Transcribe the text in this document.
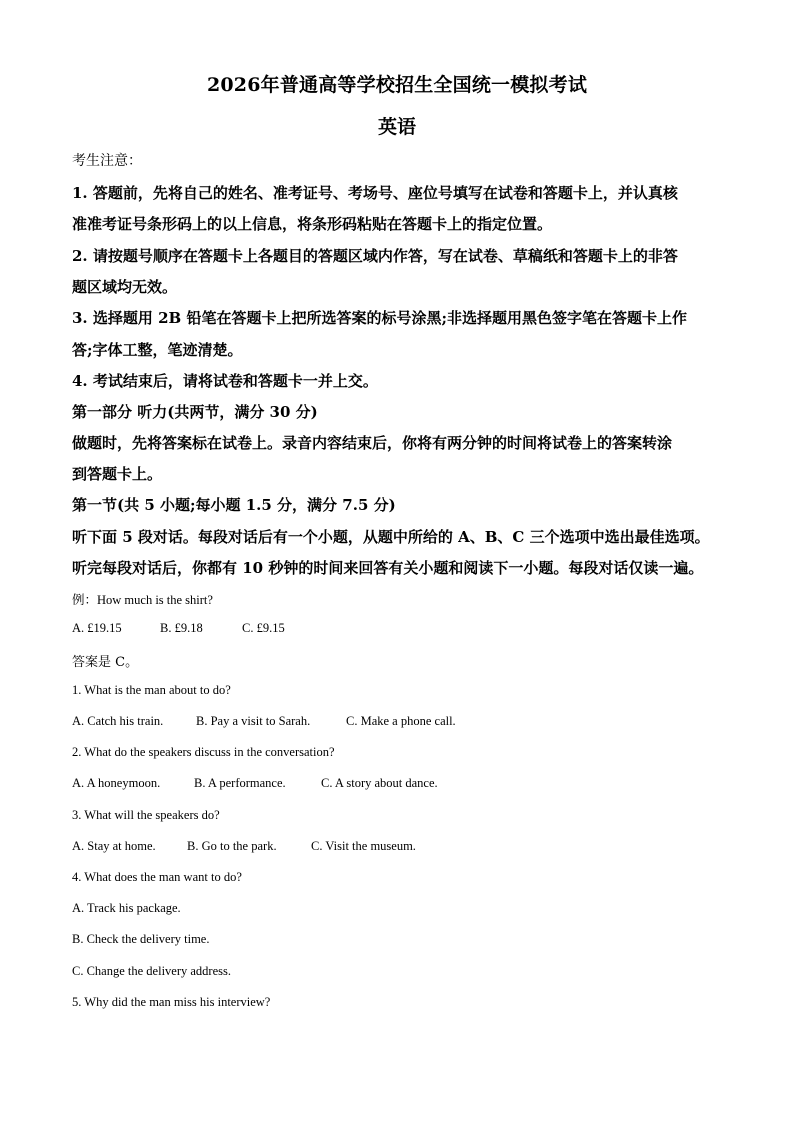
2026年普通高等学校招生全国统一模拟考试
英语
考生注意：
1. 答题前，先将自己的姓名、准考证号、考场号、座位号填写在试卷和答题卡上，并认真核
准准考证号条形码上的以上信息，将条形码粘贴在答题卡上的指定位置。
2. 请按题号顺序在答题卡上各题目的答题区域内作答，写在试卷、草稿纸和答题卡上的非答
题区域均无效。
3. 选择题用 2B 铅笔在答题卡上把所选答案的标号涂黑;非选择题用黑色签字笔在答题卡上作
答;字体工整，笔迹清楚。
4. 考试结束后，请将试卷和答题卡一并上交。
第一部分 听力(共两节，满分 30 分)
做题时，先将答案标在试卷上。录音内容结束后，你将有两分钟的时间将试卷上的答案转涂
到答题卡上。
第一节(共 5 小题;每小题 1.5 分，满分 7.5 分)
听下面 5 段对话。每段对话后有一个小题，从题中所给的 A、B、C 三个选项中选出最佳选项。
听完每段对话后，你都有 10 秒钟的时间来回答有关小题和阅读下一小题。每段对话仅读一遍。
例：How much is the shirt?
A. £19.15	B. £9.18	C. £9.15
答案是 C。
1. What is the man about to do?
A. Catch his train.	B. Pay a visit to Sarah.	C. Make a phone call.
2. What do the speakers discuss in the conversation?
A. A honeymoon.	B. A performance.	C. A story about dance.
3. What will the speakers do?
A. Stay at home.	B. Go to the park.	C. Visit the museum.
4. What does the man want to do?
A. Track his package.
B. Check the delivery time.
C. Change the delivery address.
5. Why did the man miss his interview?
